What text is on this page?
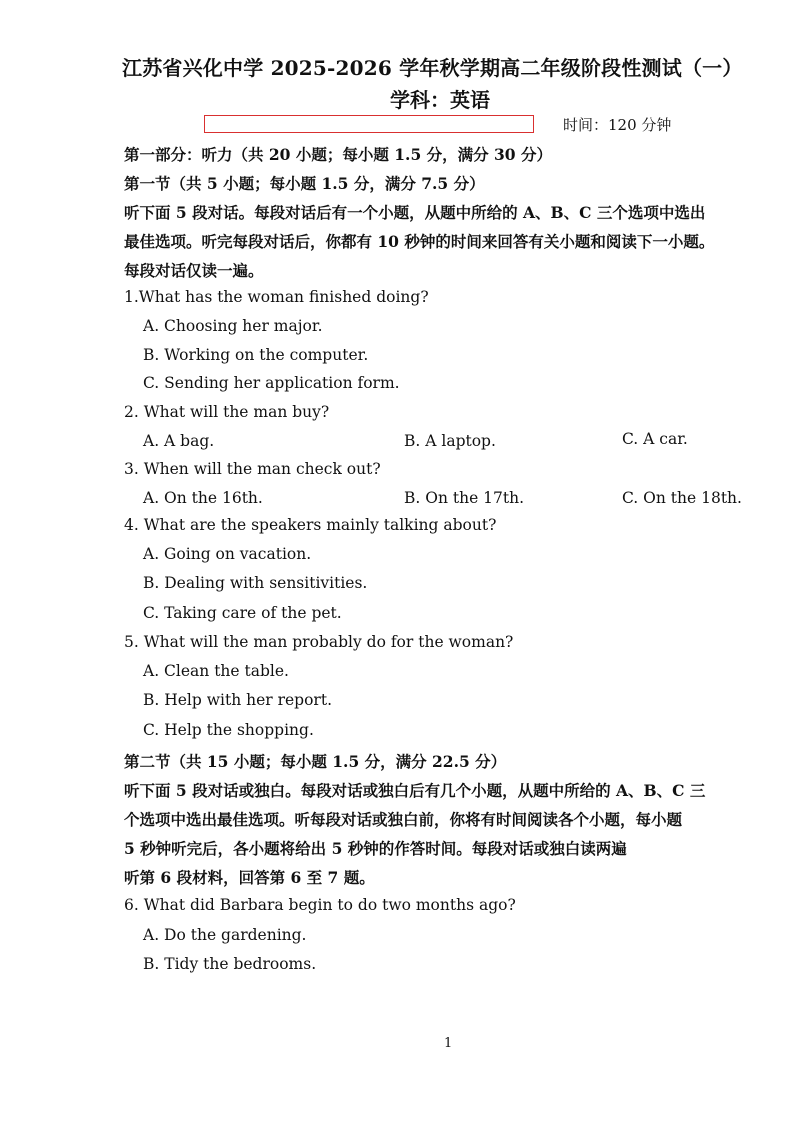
江苏省兴化中学 2025-2026 学年秋学期高二年级阶段性测试（一）
学科：英语
时间：120 分钟
第一部分：听力（共 20 小题；每小题 1.5 分，满分 30 分）
第一节（共 5 小题；每小题 1.5 分，满分 7.5 分）
听下面 5 段对话。每段对话后有一个小题，从题中所给的 A、B、C 三个选项中选出
最佳选项。听完每段对话后，你都有 10 秒钟的时间来回答有关小题和阅读下一小题。
每段对话仅读一遍。
1.What has the woman finished doing?
A. Choosing her major.
B. Working on the computer.
C. Sending her application form.
2. What will the man buy?
A. A bag.	B. A laptop.	C. A car.
3. When will the man check out?
A. On the 16th.	B. On the 17th.	C. On the 18th.
4. What are the speakers mainly talking about?
A. Going on vacation.
B. Dealing with sensitivities.
C. Taking care of the pet.
5. What will the man probably do for the woman?
A. Clean the table.
B. Help with her report.
C. Help the shopping.
第二节（共 15 小题；每小题 1.5 分，满分 22.5 分）
听下面 5 段对话或独白。每段对话或独白后有几个小题，从题中所给的 A、B、C 三
个选项中选出最佳选项。听每段对话或独白前，你将有时间阅读各个小题，每小题
5 秒钟听完后，各小题将给出 5 秒钟的作答时间。每段对话或独白读两遍
听第 6 段材料，回答第 6 至 7 题。
6. What did Barbara begin to do two months ago?
A. Do the gardening.
B. Tidy the bedrooms.
1
